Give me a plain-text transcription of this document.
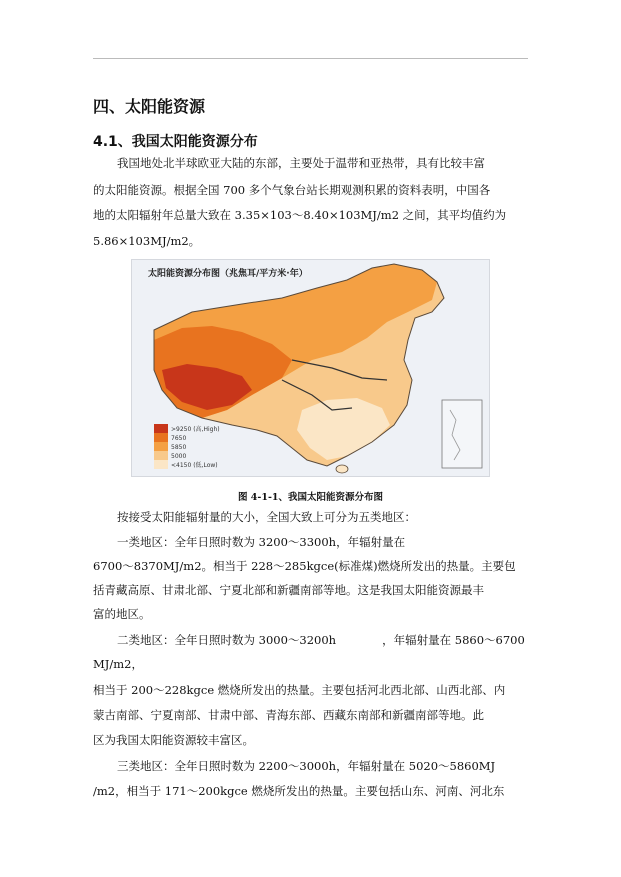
四、太阳能资源
4.1、我国太阳能资源分布
我国地处北半球欧亚大陆的东部，主要处于温带和亚热带，具有比较丰富
的太阳能资源。根据全国 700 多个气象台站长期观测积累的资料表明，中国各
地的太阳辐射年总量大致在 3.35×103～8.40×103MJ/m2 之间，其平均值约为
5.86×103MJ/m2。
太阳能资源分布图（兆焦耳/平方米·年）
>9250 (高,High)
7650
5850
5000
<4150 (低,Low)
图 4-1-1、我国太阳能资源分布图
按接受太阳能辐射量的大小，全国大致上可分为五类地区：
一类地区：全年日照时数为 3200～3300h，年辐射量在
6700～8370MJ/m2。相当于 228～285kgce(标准煤)燃烧所发出的热量。主要包
括青藏高原、甘肃北部、宁夏北部和新疆南部等地。这是我国太阳能资源最丰
富的地区。
二类地区：全年日照时数为 3000～3200h　　　　，年辐射量在 5860～6700
MJ/m2，
相当于 200～228kgce 燃烧所发出的热量。主要包括河北西北部、山西北部、内
蒙古南部、宁夏南部、甘肃中部、青海东部、西藏东南部和新疆南部等地。此
区为我国太阳能资源较丰富区。
三类地区：全年日照时数为 2200～3000h，年辐射量在 5020～5860MJ
/m2，相当于 171～200kgce 燃烧所发出的热量。主要包括山东、河南、河北东
